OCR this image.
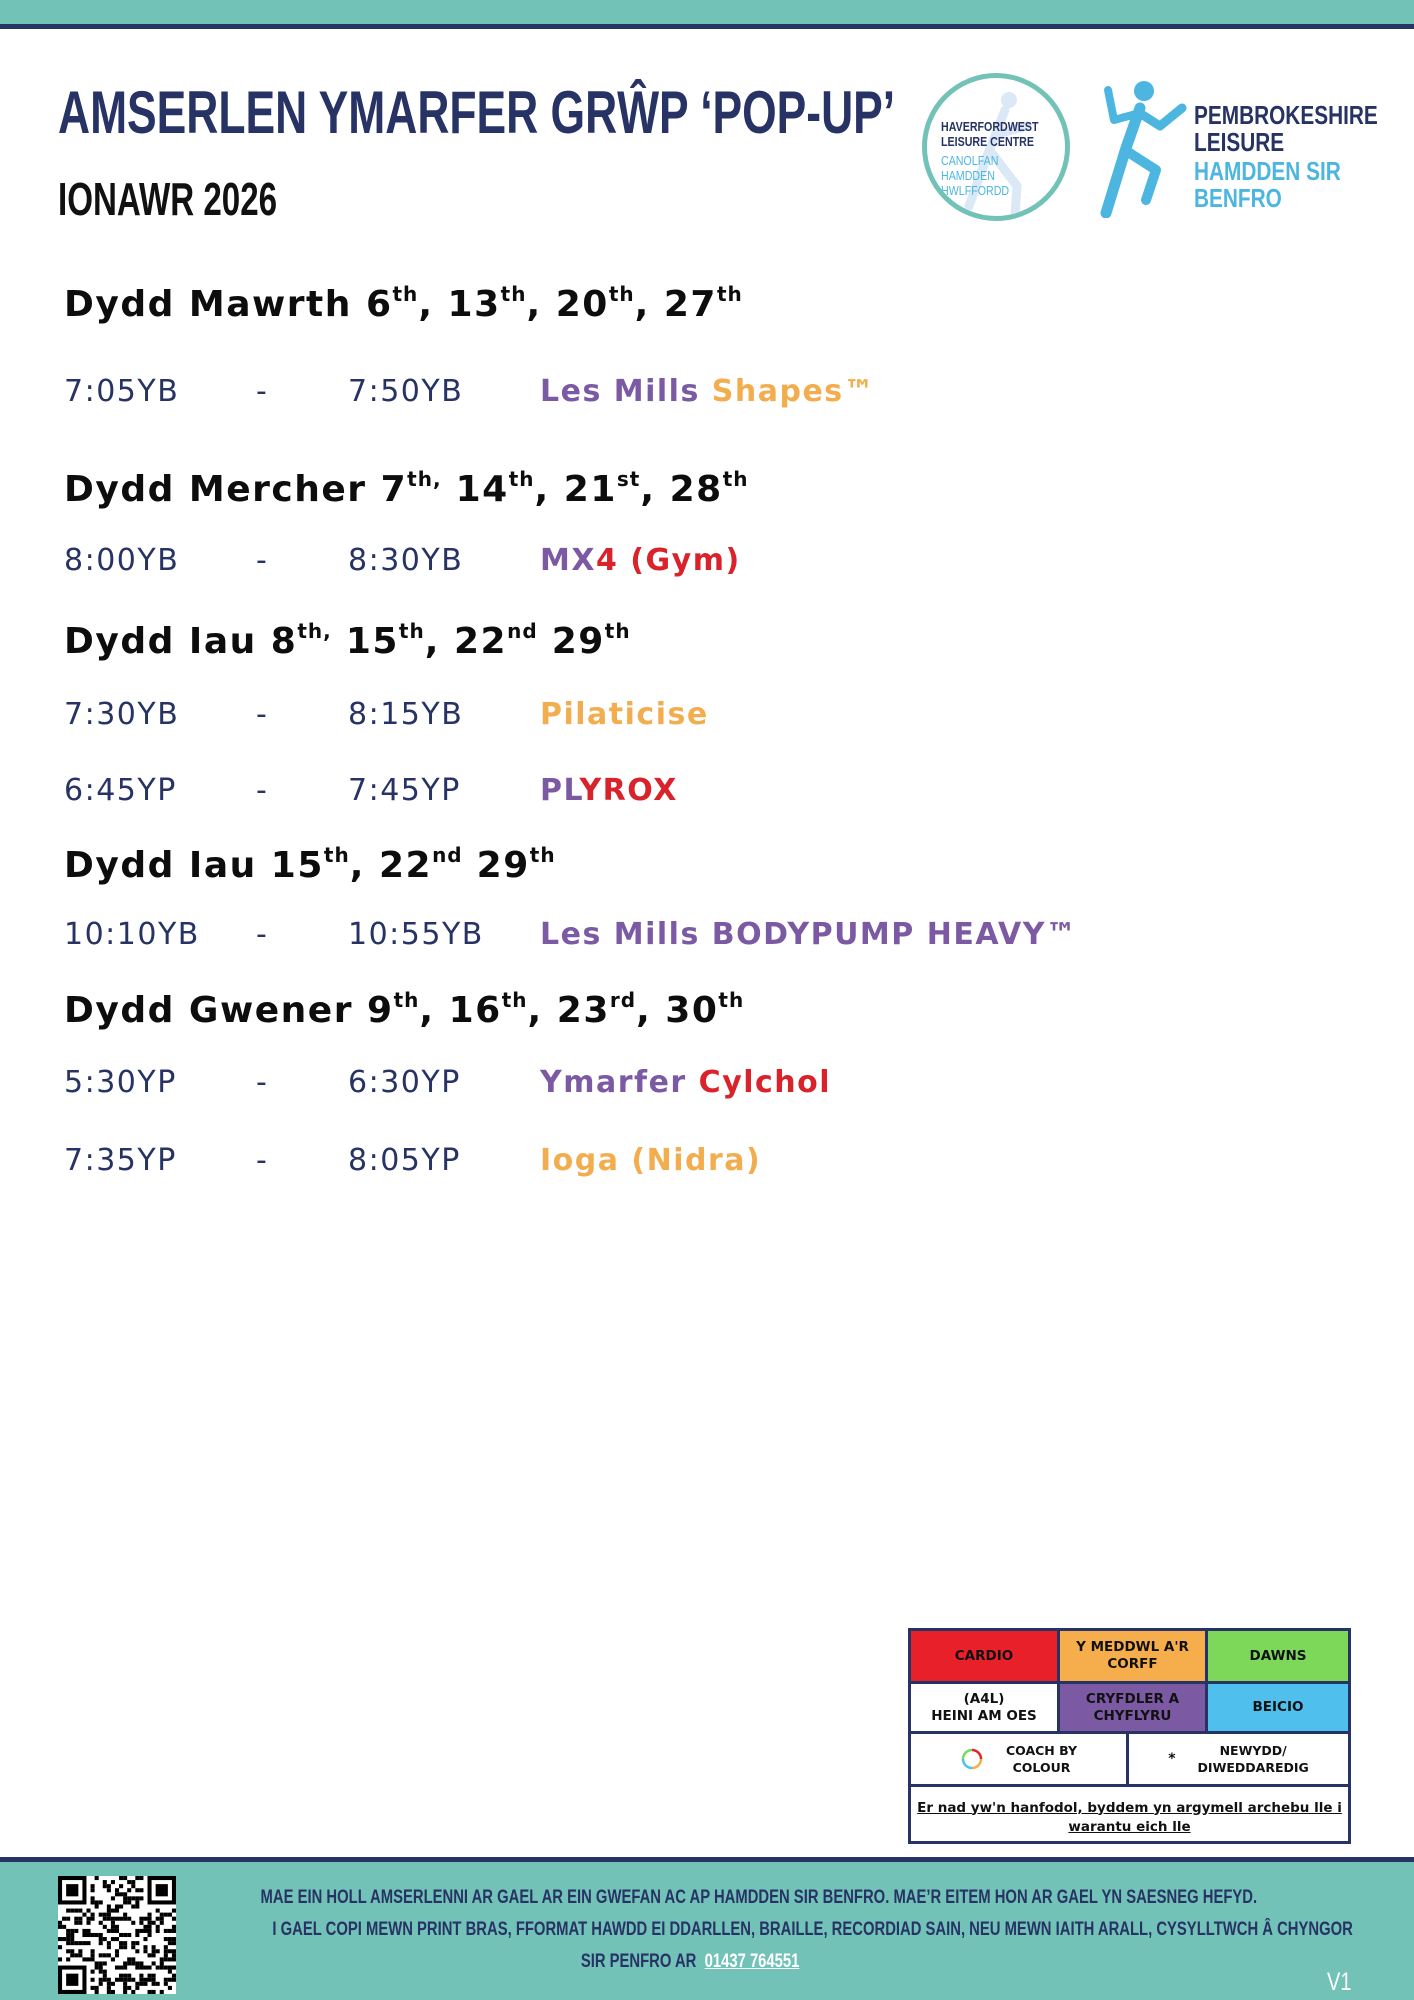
AMSERLEN YMARFER GRŴP ‘POP-UP’
IONAWR 2026
HAVERFORDWEST
LEISURE CENTRE
CANOLFAN HAMDDEN
HWLFFORDD
PEMBROKESHIRE
LEISURE
HAMDDEN SIR
BENFRO
Dydd Mawrth 6th, 13th, 20th, 27th
7:05YB	-	7:50YB	Les Mills Shapes™
Dydd Mercher $7^{th,}$ 14th, 21st, 28th
8:00YB	-	8:30YB	MX4 (Gym)
Dydd Iau $8^{th,}$ 15th, 22nd 29th
7:30YB	-	8:15YB	Pilaticise
6:45YP	-	7:45YP	PLYROX
Dydd Iau 15th, 22nd 29th
10:10YB -	10:55YB Les Mills BODYPUMP HEAVY™
Dydd Gwener 9th, 16th, 23rd, 30th
5:30YP	-	6:30YP	Ymarfer Cylchol
7:35YP	-	8:05YP	Ioga (Nidra)
CARDIO
Y MEDDWL A'R
CORFF
DAWNS
(A4L)
HEINI AM OES
CRYFDLER A
CHYFLYRU
BEICIO
COACH BY
COLOUR
*	NEWYDD/
DIWEDDAREDIG
Er nad yw'n hanfodol, byddem yn argymell archebu lle i
warantu eich lle
MAE EIN HOLL AMSERLENNI AR GAEL AR EIN GWEFAN AC AP HAMDDEN SIR BENFRO. MAE’R EITEM HON AR GAEL YN SAESNEG HEFYD.
I GAEL COPI MEWN PRINT BRAS, FFORMAT HAWDD EI DDARLLEN, BRAILLE, RECORDIAD SAIN, NEU MEWN IAITH ARALL, CYSYLLTWCH Â CHYNGOR
SIR PENFRO AR 01437 764551
V1
